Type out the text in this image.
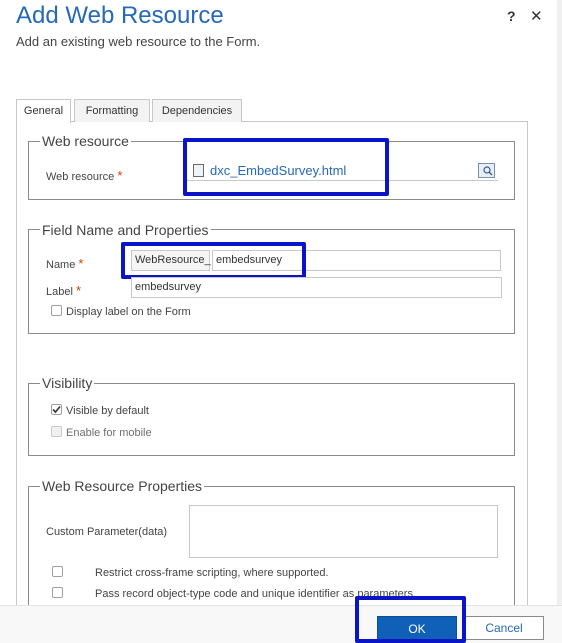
Add Web Resource
Add an existing web resource to the Form.
? ✕
General	Formatting	Dependencies
Web resource
Web resource *	dxc_EmbedSurvey.html
Field Name and Properties
Name *	WebResource_ embedsurvey
Label *	embedsurvey
Display label on the Form
Visibility
Visible by default
Enable for mobile
Web Resource Properties
Custom Parameter(data)
Restrict cross-frame scripting, where supported.
Pass record object-type code and unique identifier as parameters.
OK	Cancel
